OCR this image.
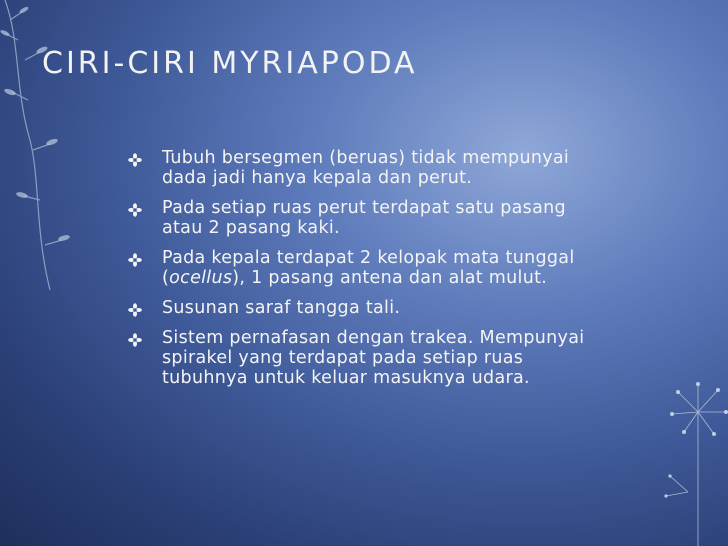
CIRI-CIRI MYRIAPODA
Tubuh bersegmen (beruas) tidak mempunyai dada jadi hanya kepala dan perut.
Pada setiap ruas perut terdapat satu pasang atau 2 pasang kaki.
Pada kepala terdapat 2 kelopak mata tunggal (ocellus), 1 pasang antena dan alat mulut.
Susunan saraf tangga tali.
Sistem pernafasan dengan trakea. Mempunyai spirakel yang terdapat pada setiap ruas tubuhnya untuk keluar masuknya udara.
